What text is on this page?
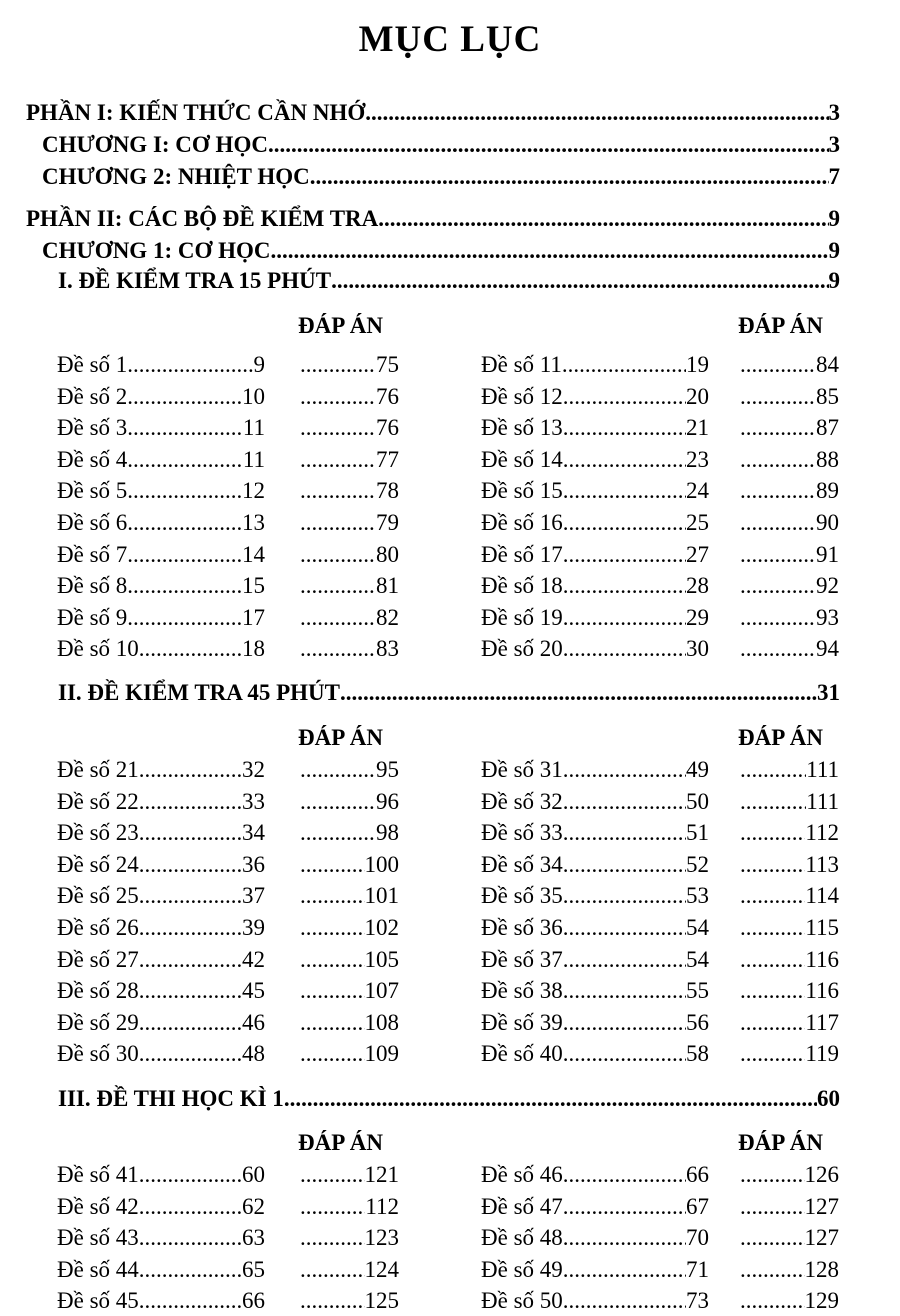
MỤC LỤC
PHẦN I: KIẾN THỨC CẦN NHỚ .....	3
CHƯƠNG I: CƠ HỌC .....	3
CHƯƠNG 2: NHIỆT HỌC .....	7
PHẦN II: CÁC BỘ ĐỀ KIỂM TRA .....	9
CHƯƠNG 1: CƠ HỌC .....	9
I. ĐỀ KIỂM TRA 15 PHÚT .....	9
II. ĐỀ KIỂM TRA 45 PHÚT .....	31
III. ĐỀ THI HỌC KÌ 1 .....	60
ĐÁP ÁN	ĐÁP ÁN
Đề số 1 .....	9 .....	75
Đề số 2 .....	10 .....	76
Đề số 3 .....	11 .....	76
Đề số 4 .....	11 .....	77
Đề số 5 .....	12 .....	78
Đề số 6 .....	13 .....	79
Đề số 7 .....	14 .....	80
Đề số 8 .....	15 .....	81
Đề số 9 .....	17 .....	82
Đề số 10 .....	18 .....	83
Đề số 11 .....	19 .....	84
Đề số 12 .....	20 .....	85
Đề số 13 .....	21 .....	87
Đề số 14 .....	23 .....	88
Đề số 15 .....	24 .....	89
Đề số 16 .....	25 .....	90
Đề số 17 .....	27 .....	91
Đề số 18 .....	28 .....	92
Đề số 19 .....	29 .....	93
Đề số 20 .....	30 .....	94
ĐÁP ÁN	ĐÁP ÁN
Đề số 21 .....	32 .....	95
Đề số 22 .....	33 .....	96
Đề số 23 .....	34 .....	98
Đề số 24 .....	36 .....	100
Đề số 25 .....	37 .....	101
Đề số 26 .....	39 .....	102
Đề số 27 .....	42 .....	105
Đề số 28 .....	45 .....	107
Đề số 29 .....	46 .....	108
Đề số 30 .....	48 .....	109
Đề số 31 .....	49 .....	111
Đề số 32 .....	50 .....	111
Đề số 33 .....	51 .....	112
Đề số 34 .....	52 .....	113
Đề số 35 .....	53 .....	114
Đề số 36 .....	54 .....	115
Đề số 37 .....	54 .....	116
Đề số 38 .....	55 .....	116
Đề số 39 .....	56 .....	117
Đề số 40 .....	58 .....	119
ĐÁP ÁN	ĐÁP ÁN
Đề số 41 .....	60 .....	121
Đề số 42 .....	62 .....	112
Đề số 43 .....	63 .....	123
Đề số 44 .....	65 .....	124
Đề số 45 .....	66 .....	125
Đề số 46 .....	66 .....	126
Đề số 47 .....	67 .....	127
Đề số 48 .....	70 .....	127
Đề số 49 .....	71 .....	128
Đề số 50 .....	73 .....	129
